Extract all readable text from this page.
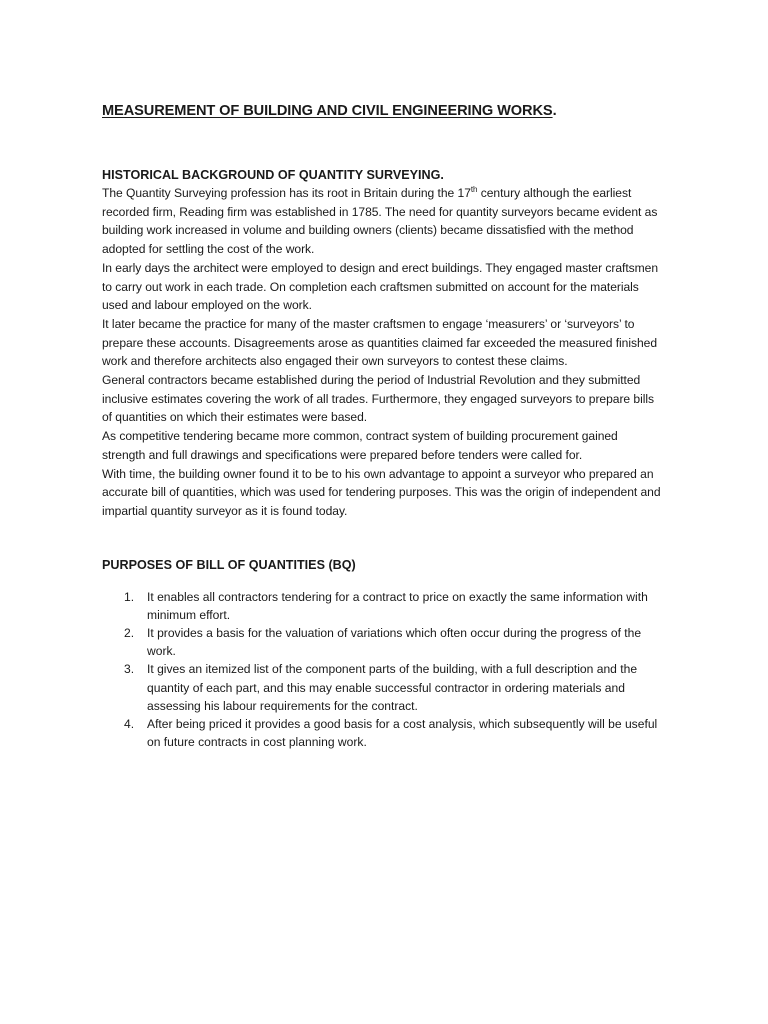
MEASUREMENT OF BUILDING AND CIVIL ENGINEERING WORKS.
HISTORICAL BACKGROUND OF QUANTITY SURVEYING.

The Quantity Surveying profession has its root in Britain during the 17th century although the earliest recorded firm, Reading firm was established in 1785. The need for quantity surveyors became evident as building work increased in volume and building owners (clients) became dissatisfied with the method adopted for settling the cost of the work.

In early days the architect were employed to design and erect buildings. They engaged master craftsmen to carry out work in each trade. On completion each craftsmen submitted on account for the materials used and labour employed on the work.

It later became the practice for many of the master craftsmen to engage ‘measurers’ or ‘surveyors’ to prepare these accounts. Disagreements arose as quantities claimed far exceeded the measured finished work and therefore architects also engaged their own surveyors to contest these claims.

General contractors became established during the period of Industrial Revolution and they submitted inclusive estimates covering the work of all trades. Furthermore, they engaged surveyors to prepare bills of quantities on which their estimates were based.

As competitive tendering became more common, contract system of building procurement gained strength and full drawings and specifications were prepared before tenders were called for.

With time, the building owner found it to be to his own advantage to appoint a surveyor who prepared an accurate bill of quantities, which was used for tendering purposes. This was the origin of independent and impartial quantity surveyor as it is found today.

PURPOSES OF BILL OF QUANTITIES (BQ)
1. It enables all contractors tendering for a contract to price on exactly the same information with minimum effort.
2. It provides a basis for the valuation of variations which often occur during the progress of the work.
3. It gives an itemized list of the component parts of the building, with a full description and the quantity of each part, and this may enable successful contractor in ordering materials and assessing his labour requirements for the contract.
4. After being priced it provides a good basis for a cost analysis, which subsequently will be useful on future contracts in cost planning work.
